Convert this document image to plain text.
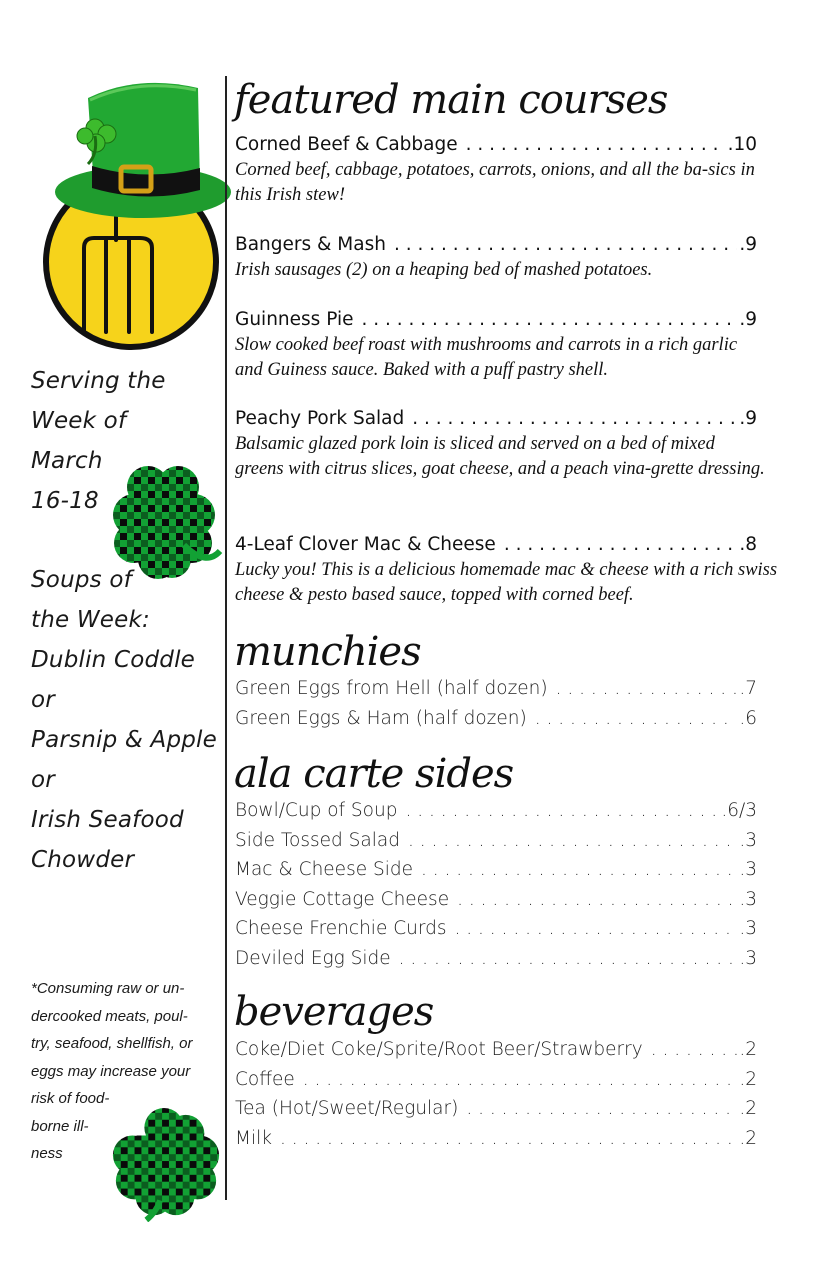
Serving the
Week of
March
16-18
Soups of
the Week:
Dublin Coddle
or
Parsnip & Apple
or
Irish Seafood
Chowder
*Consuming raw or un-
dercooked meats, poul-
try, seafood, shellfish, or
eggs may increase your
risk of food-
borne ill-
ness
featured main courses
Corned Beef & Cabbage . . .	.10
Corned beef, cabbage, potatoes, carrots, onions, and all the ba-sics in this Irish stew!
Bangers & Mash . . .	.9
Irish sausages (2) on a heaping bed of mashed potatoes.
Guinness Pie . . .	.9
Slow cooked beef roast with mushrooms and carrots in a rich garlic and Guiness sauce. Baked with a puff pastry shell.
Peachy Pork Salad . . .	.9
Balsamic glazed pork loin is sliced and served on a bed of mixed greens with citrus slices, goat cheese, and a peach vina-grette dressing.
4-Leaf Clover Mac & Cheese . . .	.8
Lucky you! This is a delicious homemade mac & cheese with a rich swiss cheese & pesto based sauce, topped with corned beef.
munchies
Green Eggs from Hell (half dozen) . . .	.7
Green Eggs & Ham (half dozen) . . .	.6
ala carte sides
Bowl/Cup of Soup . . .	.6/3
Side Tossed Salad . . .	.3
Mac & Cheese Side . . .	.3
Veggie Cottage Cheese . . .	.3
Cheese Frenchie Curds . . .	.3
Deviled Egg Side . . .	.3
beverages
Coke/Diet Coke/Sprite/Root Beer/Strawberry . . .	.2
Coffee . . .	.2
Tea (Hot/Sweet/Regular) . . .	.2
Milk . . .	.2
